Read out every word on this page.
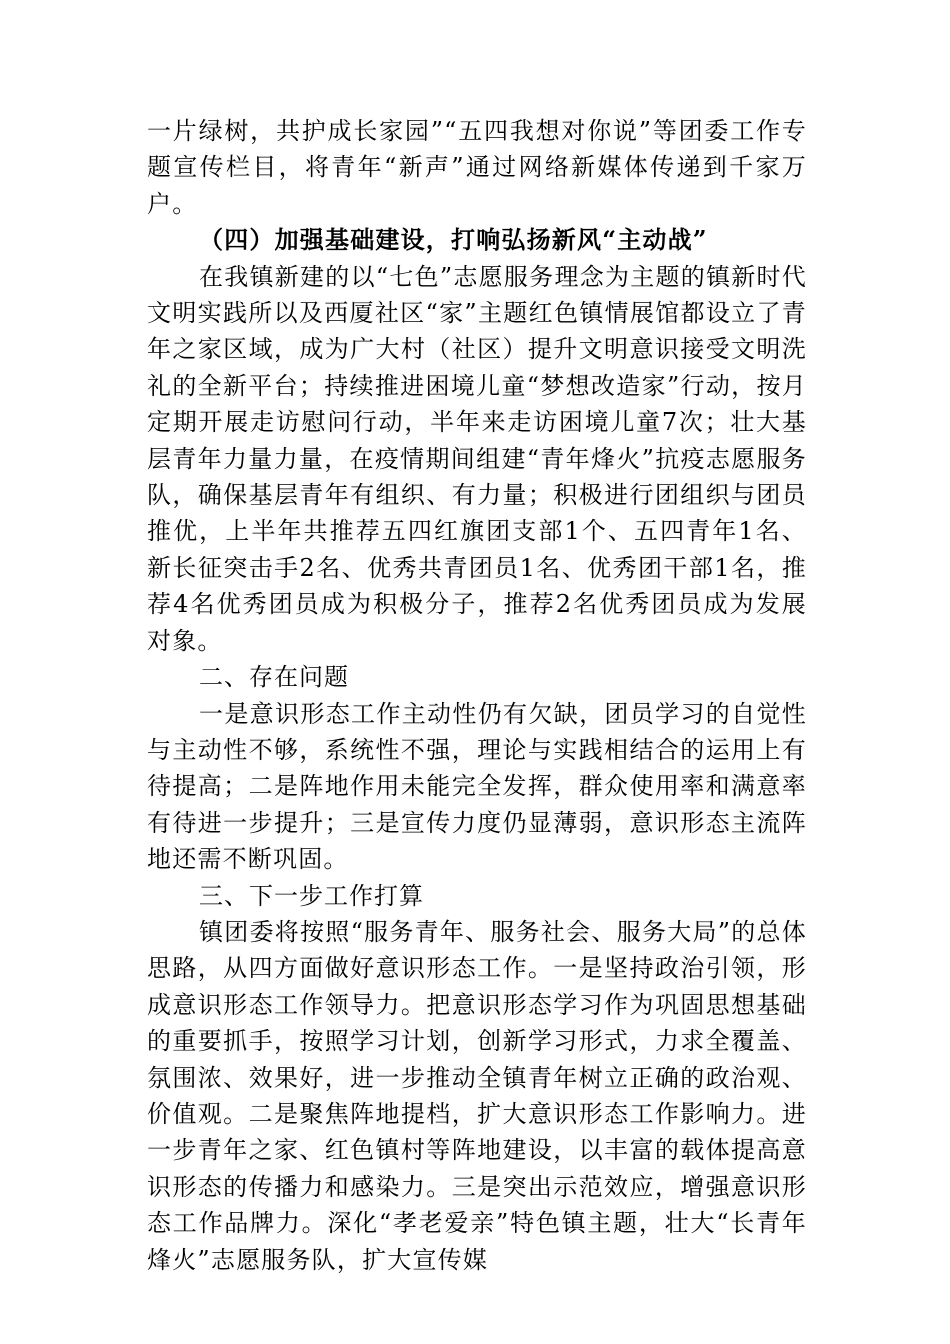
一片绿树，共护成长家园”“五四我想对你说”等团委工作专题宣传栏目，将青年“新声”通过网络新媒体传递到千家万户。

（四）加强基础建设，打响弘扬新风“主动战”

在我镇新建的以“七色”志愿服务理念为主题的镇新时代文明实践所以及西厦社区“家”主题红色镇情展馆都设立了青年之家区域，成为广大村（社区）提升文明意识接受文明洗礼的全新平台；持续推进困境儿童“梦想改造家”行动，按月定期开展走访慰问行动，半年来走访困境儿童7次；壮大基层青年力量力量，在疫情期间组建“青年烽火”抗疫志愿服务队，确保基层青年有组织、有力量；积极进行团组织与团员推优，上半年共推荐五四红旗团支部1个、五四青年1名、新长征突击手2名、优秀共青团员1名、优秀团干部1名，推荐4名优秀团员成为积极分子，推荐2名优秀团员成为发展对象。

二、存在问题

一是意识形态工作主动性仍有欠缺，团员学习的自觉性与主动性不够，系统性不强，理论与实践相结合的运用上有待提高；二是阵地作用未能完全发挥，群众使用率和满意率有待进一步提升；三是宣传力度仍显薄弱，意识形态主流阵地还需不断巩固。

三、下一步工作打算

镇团委将按照“服务青年、服务社会、服务大局”的总体思路，从四方面做好意识形态工作。一是坚持政治引领，形成意识形态工作领导力。把意识形态学习作为巩固思想基础的重要抓手，按照学习计划，创新学习形式，力求全覆盖、氛围浓、效果好，进一步推动全镇青年树立正确的政治观、价值观。二是聚焦阵地提档，扩大意识形态工作影响力。进一步青年之家、红色镇村等阵地建设，以丰富的载体提高意识形态的传播力和感染力。三是突出示范效应，增强意识形态工作品牌力。深化“孝老爱亲”特色镇主题，壮大“长青年烽火”志愿服务队，扩大宣传媒
